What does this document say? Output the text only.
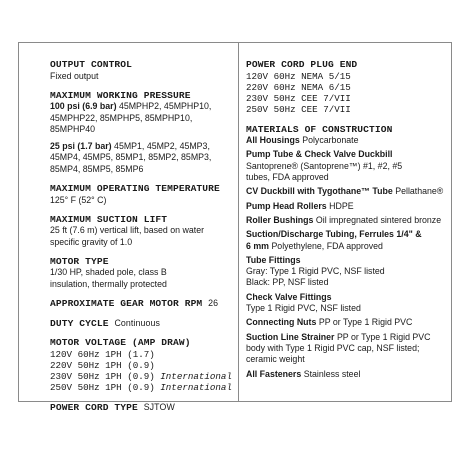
OUTPUT CONTROL
Fixed output
MAXIMUM WORKING PRESSURE
100 psi (6.9 bar) 45MPHP2, 45MPHP10,
45MPHP22, 85MPHP5, 85MPHP10,
85MPHP40
25 psi (1.7 bar) 45MP1, 45MP2, 45MP3,
45MP4, 45MP5, 85MP1, 85MP2, 85MP3,
85MP4, 85MP5, 85MP6
MAXIMUM OPERATING TEMPERATURE
125° F (52° C)
MAXIMUM SUCTION LIFT
25 ft (7.6 m) vertical lift, based on water
specific gravity of 1.0
MOTOR TYPE
1/30 HP, shaded pole, class B
insulation, thermally protected
APPROXIMATE GEAR MOTOR RPM 26
DUTY CYCLE Continuous
MOTOR VOLTAGE (AMP DRAW)
120V 60Hz 1PH (1.7)
220V 50Hz 1PH (0.9)
230V 50Hz 1PH (0.9) International
250V 50Hz 1PH (0.9) International
POWER CORD TYPE SJTOW
POWER CORD PLUG END
120V 60Hz NEMA 5/15
220V 60Hz NEMA 6/15
230V 50Hz CEE 7/VII
250V 50Hz CEE 7/VII
MATERIALS OF CONSTRUCTION
All Housings Polycarbonate
Pump Tube & Check Valve Duckbill
Santoprene® (Santoprene™) #1, #2, #5
tubes, FDA approved
CV Duckbill with Tygothane™ Tube Pellathane®
Pump Head Rollers HDPE
Roller Bushings Oil impregnated sintered bronze
Suction/Discharge Tubing, Ferrules 1/4" &
6 mm Polyethylene, FDA approved
Tube Fittings
Gray: Type 1 Rigid PVC, NSF listed
Black: PP, NSF listed
Check Valve Fittings
Type 1 Rigid PVC, NSF listed
Connecting Nuts PP or Type 1 Rigid PVC
Suction Line Strainer PP or Type 1 Rigid PVC
body with Type 1 Rigid PVC cap, NSF listed;
ceramic weight
All Fasteners Stainless steel
